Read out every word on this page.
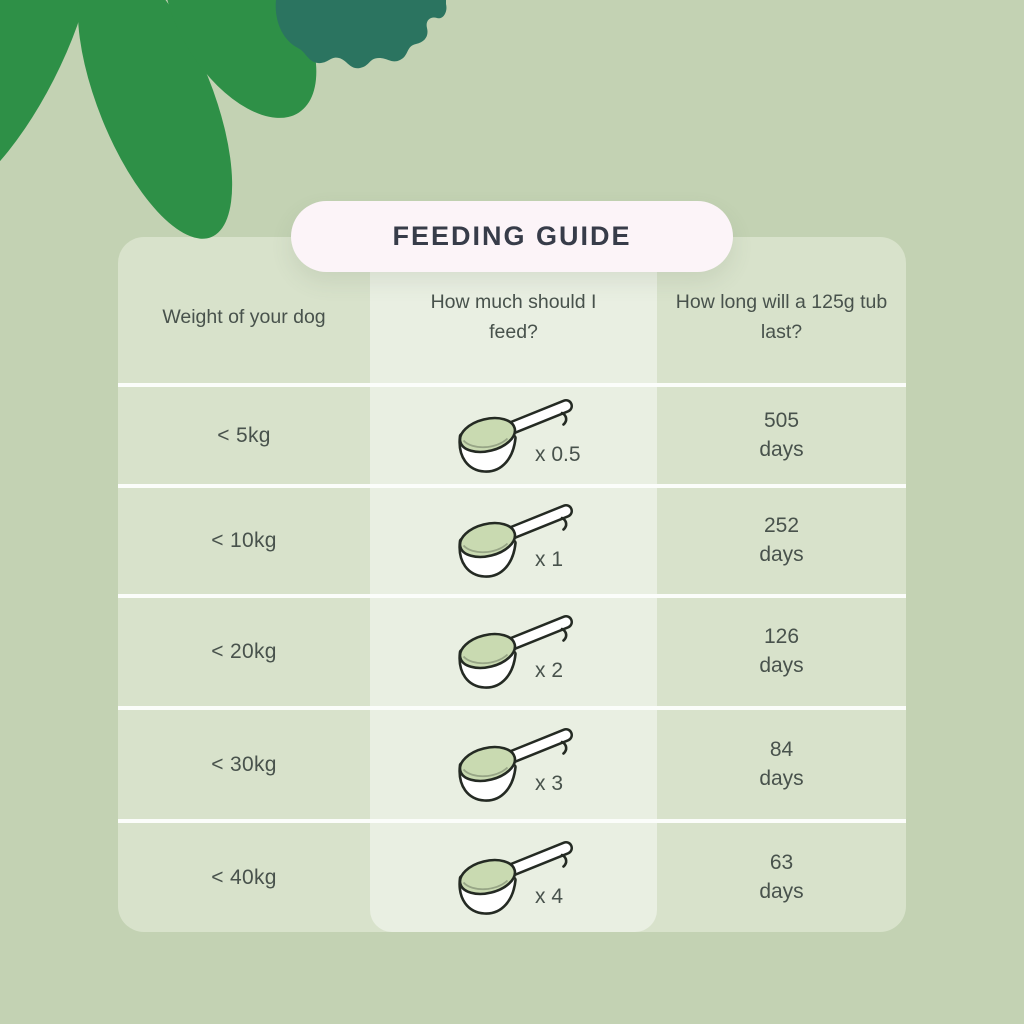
Weight of your dog
How much should I feed?
How long will a 125g tub last?
< 5kg
x 0.5
505
days
< 10kg
x 1
252
days
< 20kg
x 2
126
days
< 30kg
x 3
84
days
< 40kg
x 4
63
days
FEEDING GUIDE
